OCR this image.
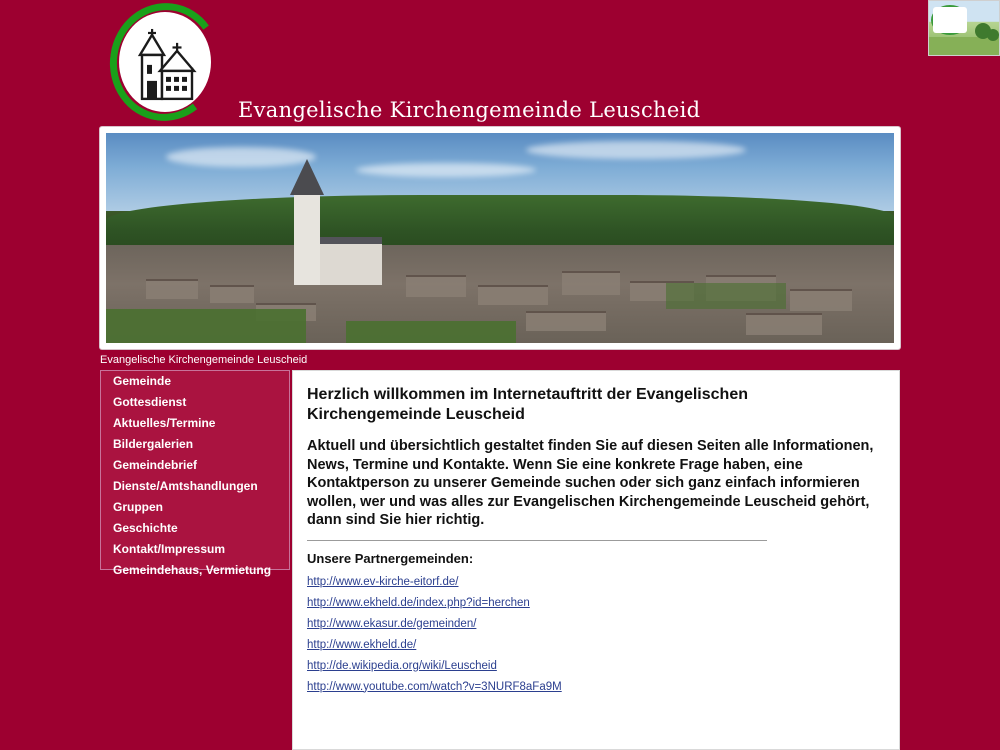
Evangelische Kirchengemeinde Leuscheid
Evangelische Kirchengemeinde Leuscheid
Gemeinde
Gottesdienst
Aktuelles/Termine
Bildergalerien
Gemeindebrief
Dienste/Amtshandlungen
Gruppen
Geschichte
Kontakt/Impressum
Gemeindehaus, Vermietung
Herzlich willkommen im Internetauftritt der Evangelischen Kirchengemeinde Leuscheid

Aktuell und übersichtlich gestaltet finden Sie auf diesen Seiten alle Informationen, News, Termine und Kontakte. Wenn Sie eine konkrete Frage haben, eine Kontaktperson zu unserer Gemeinde suchen oder sich ganz einfach informieren wollen, wer und was alles zur Evangelischen Kirchengemeinde Leuscheid gehört, dann sind Sie hier richtig.

Unsere Partnergemeinden:
http://www.ev-kirche-eitorf.de/
http://www.ekheld.de/index.php?id=herchen
http://www.ekasur.de/gemeinden/
http://www.ekheld.de/
http://de.wikipedia.org/wiki/Leuscheid
http://www.youtube.com/watch?v=3NURF8aFa9M
